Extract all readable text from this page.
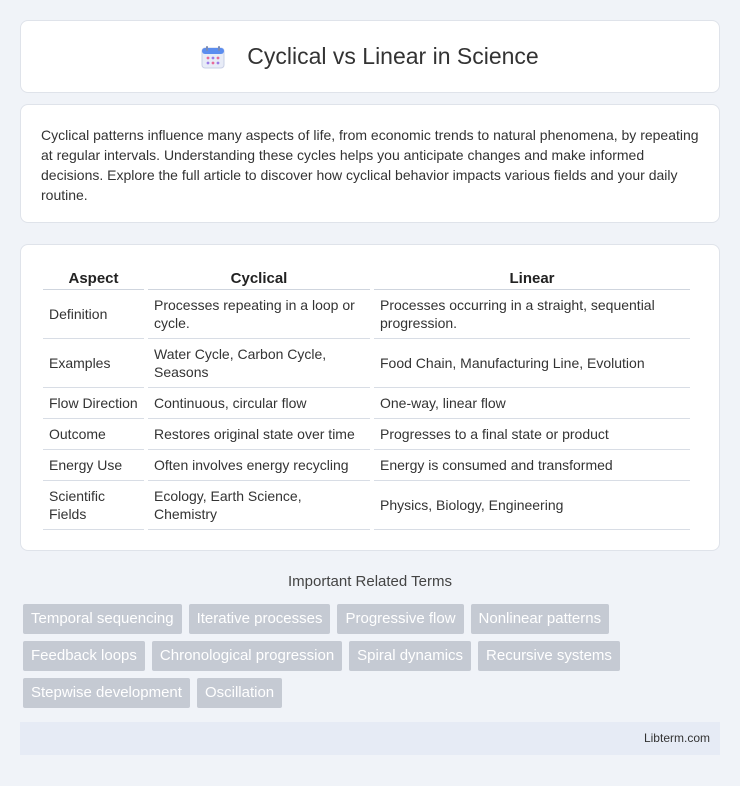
Cyclical vs Linear in Science

Cyclical patterns influence many aspects of life, from economic trends to natural phenomena, by repeating at regular intervals. Understanding these cycles helps you anticipate changes and make informed decisions. Explore the full article to discover how cyclical behavior impacts various fields and your daily routine.

Aspect	Cyclical	Linear
Definition	Processes repeating in a loop or cycle.	Processes occurring in a straight, sequential progression.
Examples	Water Cycle, Carbon Cycle, Seasons	Food Chain, Manufacturing Line, Evolution
Flow Direction	Continuous, circular flow	One-way, linear flow
Outcome	Restores original state over time	Progresses to a final state or product
Energy Use	Often involves energy recycling	Energy is consumed and transformed
Scientific Fields	Ecology, Earth Science, Chemistry	Physics, Biology, Engineering
Important Related Terms
Temporal sequencing	Iterative processes	Progressive flow	Nonlinear patterns
Feedback loops	Chronological progression	Spiral dynamics	Recursive systems
Stepwise development	Oscillation
Libterm.com
